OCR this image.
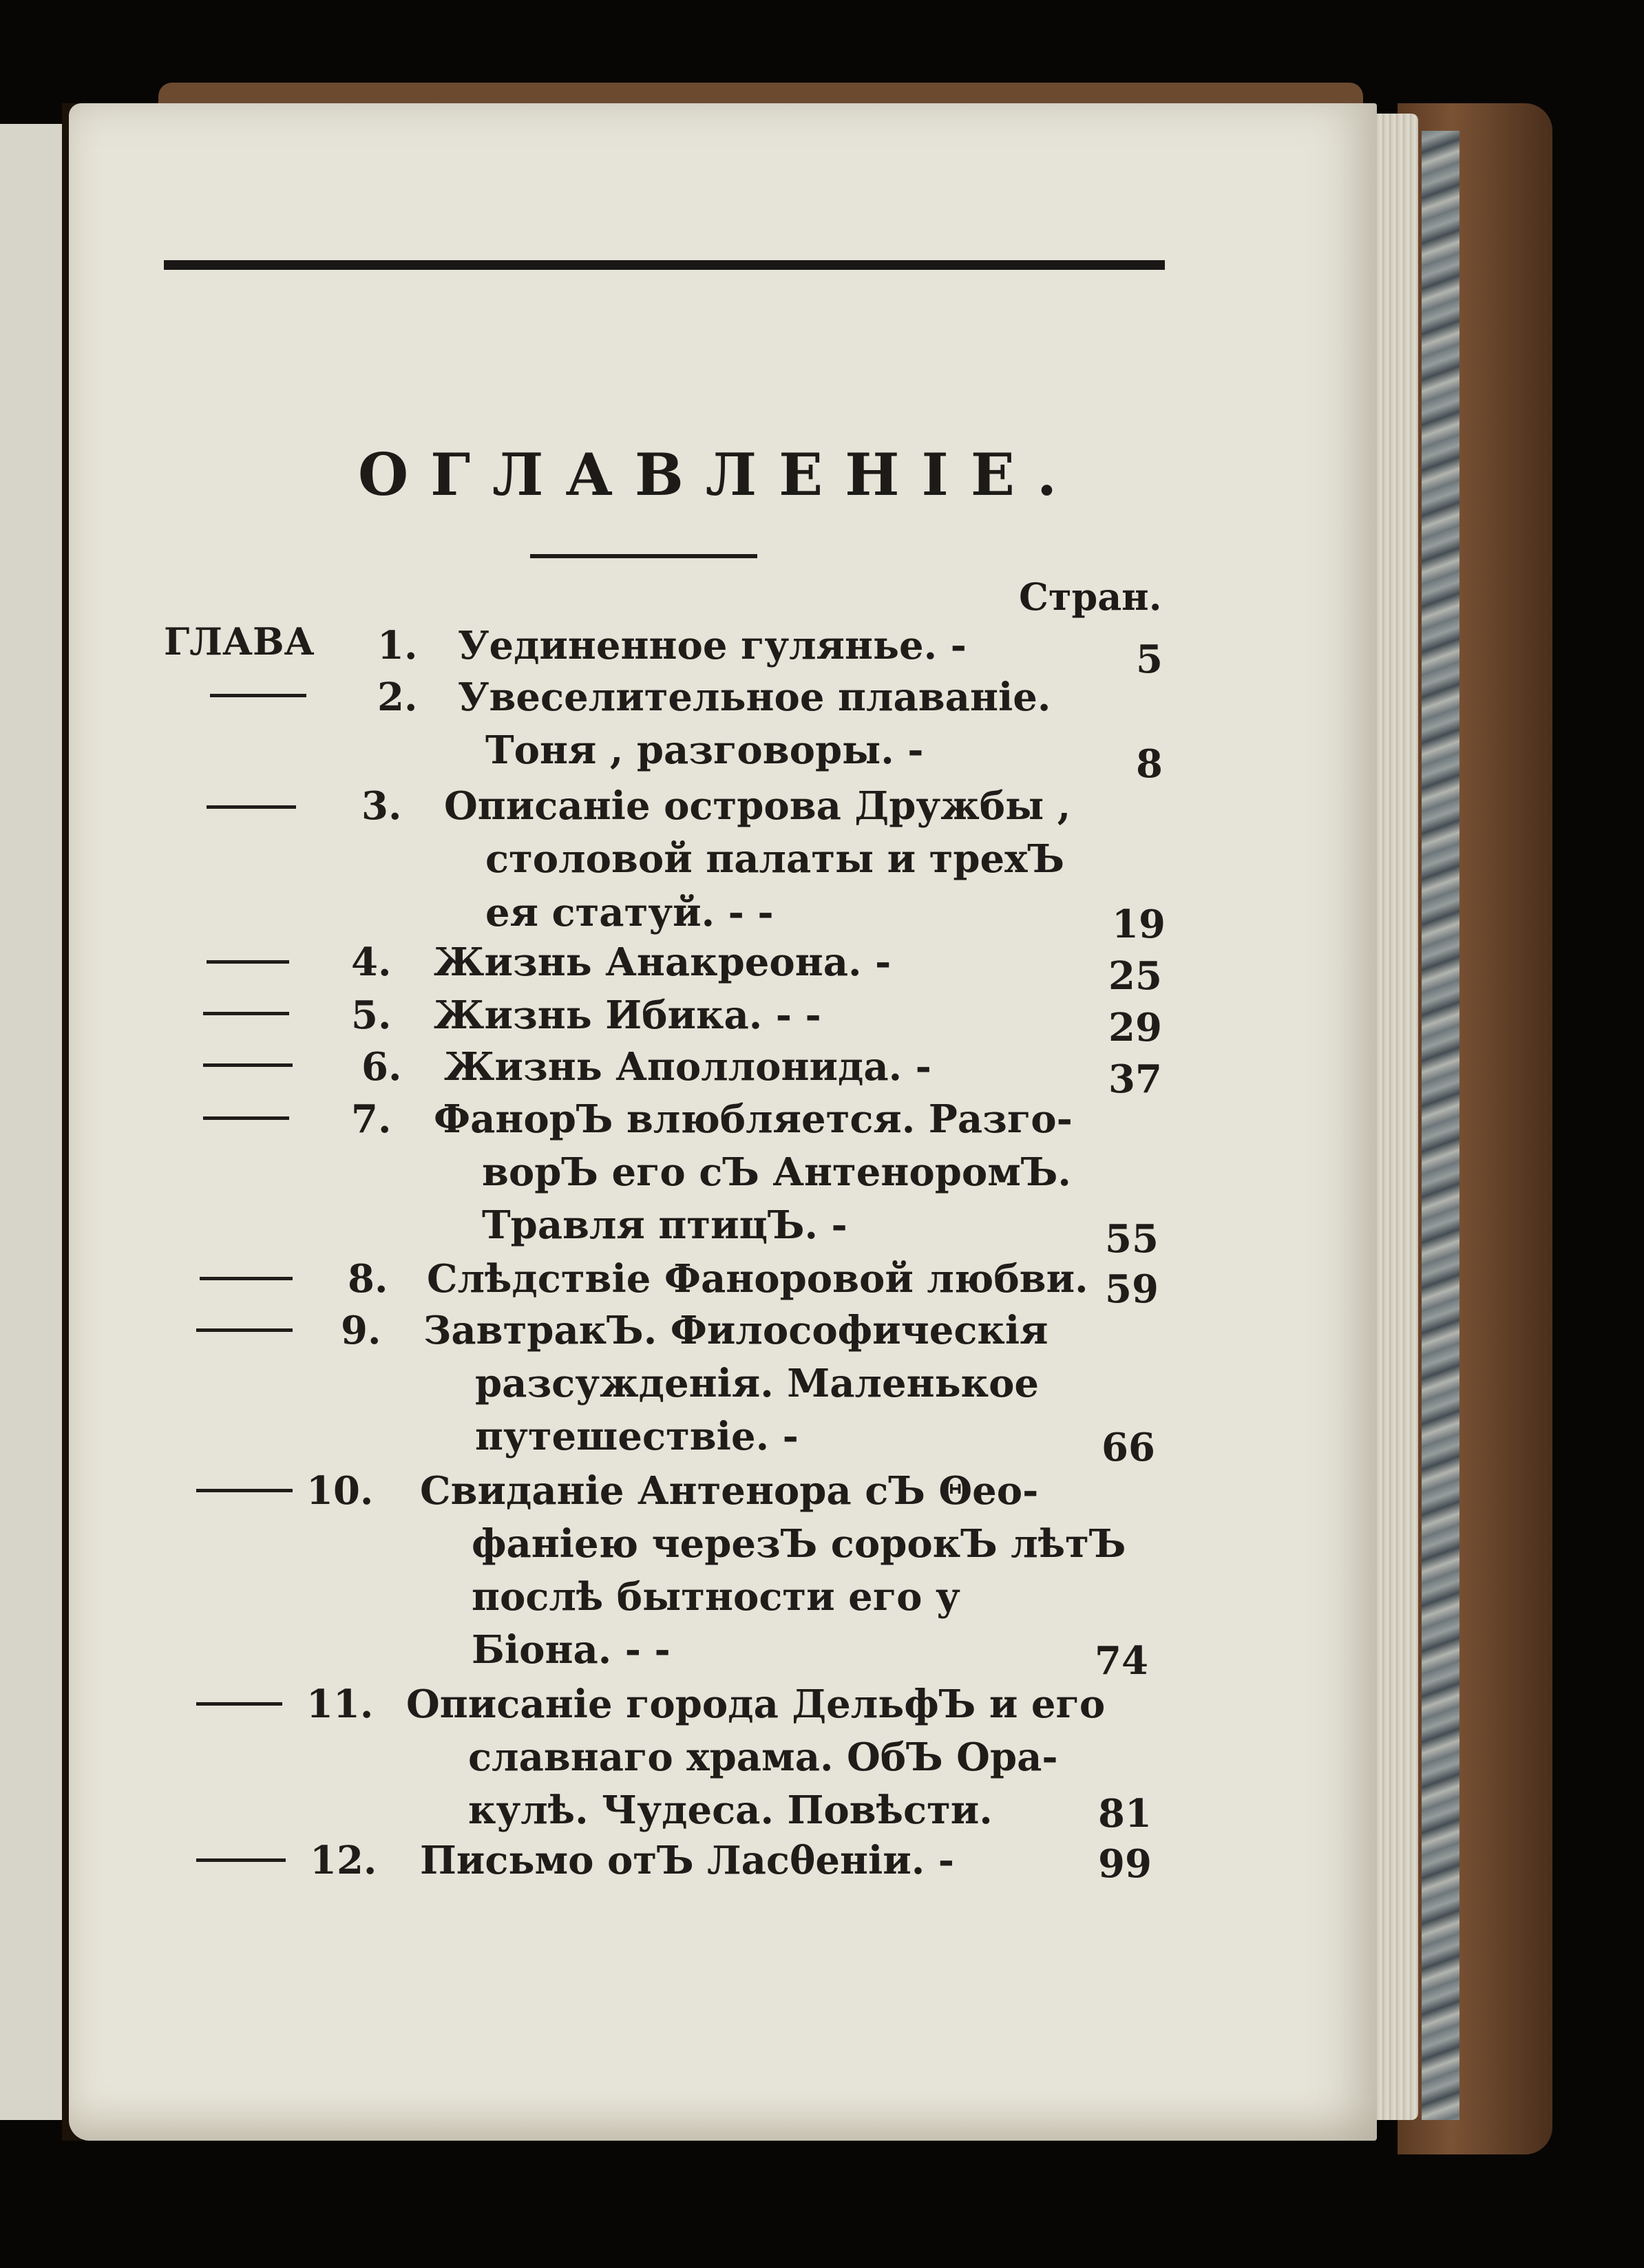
ОГЛАВЛЕНIЕ.
Стран.
ГЛАВА 1. Уединенное гулянье. -	5
2. Увеселительное плаванie.
Тоня , разговоры. -	8
3. Описанie острова Дружбы ,
столовой палаты и трехЪ
ея статуй. - -	19
4. Жизнь Анакреона. -	25
5. Жизнь Ибика. - -	29
6. Жизнь Аполлонида. -	37
7. ФанорЪ влюбляется. Разго-
ворЪ его сЪ АнтеноромЪ.
Травля птицЪ. -	55
8. Слѣдствie Фаноровой любви. 59
9. ЗавтракЪ. Философическiя
разсужденiя. Маленькое
путешествie. -	66
10. Свиданie Антенора сЪ Θео-
фанiею черезЪ сорокЪ лѣтЪ
послѣ бытности его у
Бiона. - -	74
11. Описанie города ДельфЪ и его
славнаго храма. ОбЪ Ора-
кулѣ. Чудеса. Повѣсти.	81
12. Письмо отЪ Ласθенiи. -	99
